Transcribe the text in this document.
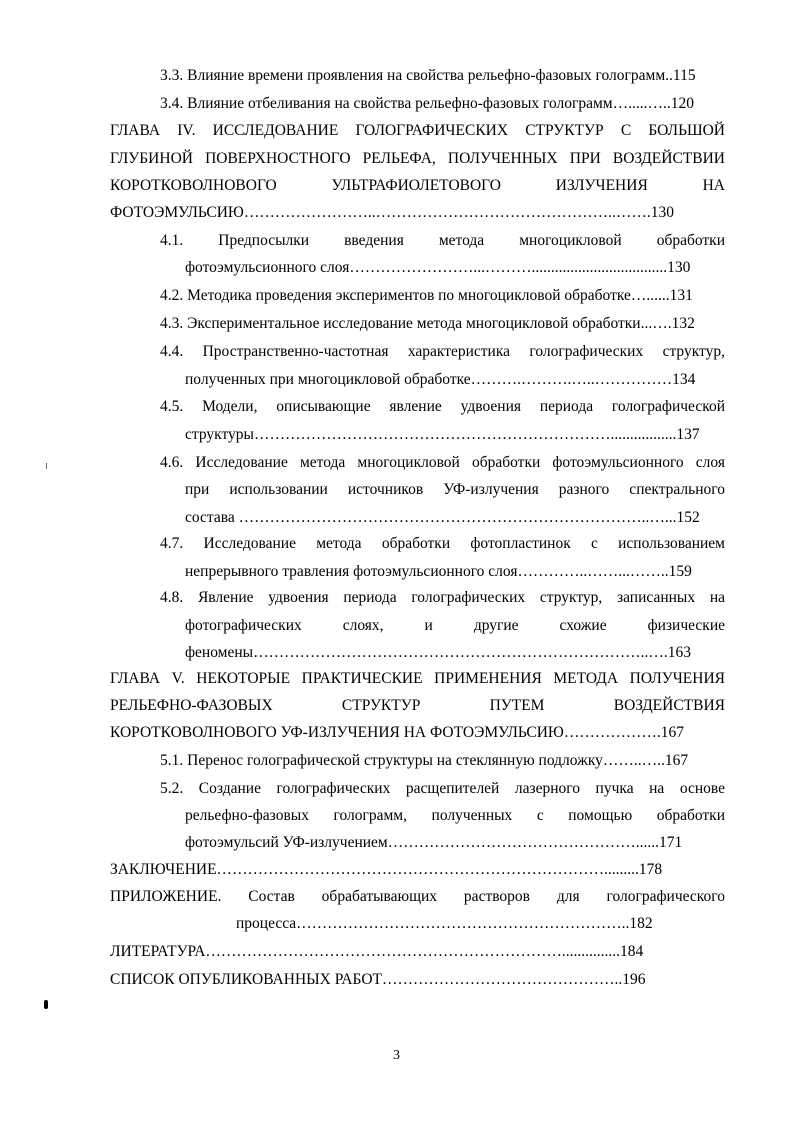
3.3. Влияние времени проявления на свойства рельефно-фазовых голограмм..115
3.4. Влияние отбеливания на свойства рельефно-фазовых голограмм….....…..120
ГЛАВА IV. ИССЛЕДОВАНИЕ ГОЛОГРАФИЧЕСКИХ СТРУКТУР С БОЛЬШОЙ
ГЛУБИНОЙ ПОВЕРХНОСТНОГО РЕЛЬЕФА, ПОЛУЧЕННЫХ ПРИ ВОЗДЕЙСТВИИ
КОРОТКОВОЛНОВОГО УЛЬТРАФИОЛЕТОВОГО ИЗЛУЧЕНИЯ НА
ФОТОЭМУЛЬСИЮ……………………..………………………………………..…….130
4.1. Предпосылки введения метода многоцикловой обработки
фотоэмульсионного слоя……………………...………...................................130
4.2. Методика проведения экспериментов по многоцикловой обработке…......131
4.3. Экспериментальное исследование метода многоцикловой обработки...….132
4.4. Пространственно-частотная характеристика голографических структур,
полученных при многоцикловой обработке……….……….…..……………134
4.5. Модели, описывающие явление удвоения периода голографической
структуры…………………………………………………………….................137
4.6. Исследование метода многоцикловой обработки фотоэмульсионного слоя
при использовании источников УФ-излучения разного спектрального
состава ……………………………………………………………………..…...152
4.7. Исследование метода обработки фотопластинок с использованием
непрерывного травления фотоэмульсионного слоя…………..……...……..159
4.8. Явление удвоения периода голографических структур, записанных на
фотографических слоях, и другие схожие физические
феномены…………………………………………………………………..….163
ГЛАВА V. НЕКОТОРЫЕ ПРАКТИЧЕСКИЕ ПРИМЕНЕНИЯ МЕТОДА ПОЛУЧЕНИЯ
РЕЛЬЕФНО-ФАЗОВЫХ СТРУКТУР ПУТЕМ ВОЗДЕЙСТВИЯ
КОРОТКОВОЛНОВОГО УФ-ИЗЛУЧЕНИЯ НА ФОТОЭМУЛЬСИЮ……………….167
5.1. Перенос голографической структуры на стеклянную подложку……..…..167
5.2. Создание голографических расщепителей лазерного пучка на основе
рельефно-фазовых голограмм, полученных с помощью обработки
фотоэмульсий УФ-излучением…………………………………………......171
ЗАКЛЮЧЕНИЕ………………………………………………………………….........178
ПРИЛОЖЕНИЕ. Состав обрабатывающих растворов для голографического
процесса………………………………………………………..182
ЛИТЕРАТУРА……………………………………………………………...............184
СПИСОК ОПУБЛИКОВАННЫХ РАБОТ………………………………………..196
3
